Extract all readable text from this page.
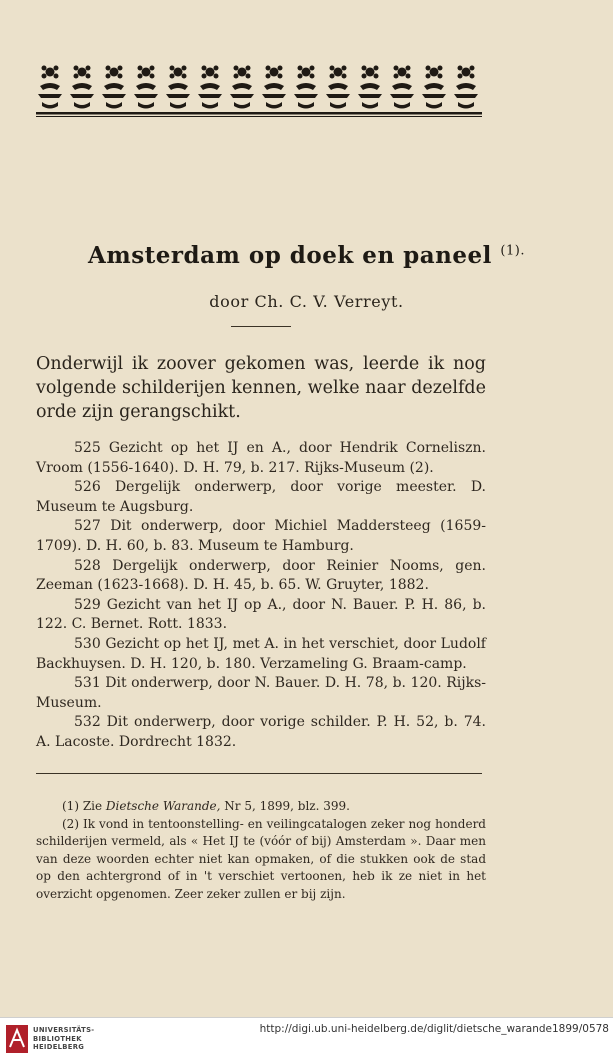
Amsterdam op doek en paneel $^{(1).}$
door Ch. C. V. Verreyt.
Onderwijl ik zoover gekomen was, leerde ik nog volgende schilderijen kennen, welke naar dezelfde orde zijn gerangschikt.
525 Gezicht op het IJ en A., door Hendrik Corneliszn. Vroom (1556-1640). D. H. 79, b. 217. Rijks-Museum (2).
526 Dergelijk onderwerp, door vorige meester. D. Museum te Augsburg.
527 Dit onderwerp, door Michiel Maddersteeg (1659-1709). D. H. 60, b. 83. Museum te Hamburg.
528 Dergelijk onderwerp, door Reinier Nooms, gen. Zeeman (1623-1668). D. H. 45, b. 65. W. Gruyter, 1882.
529 Gezicht van het IJ op A., door N. Bauer. P. H. 86, b. 122. C. Bernet. Rott. 1833.
530 Gezicht op het IJ, met A. in het verschiet, door Ludolf Backhuysen. D. H. 120, b. 180. Verzameling G. Braam-camp.
531 Dit onderwerp, door N. Bauer. D. H. 78, b. 120. Rijks-Museum.
532 Dit onderwerp, door vorige schilder. P. H. 52, b. 74. A. Lacoste. Dordrecht 1832.
(1) Zie Dietsche Warande, Nr 5, 1899, blz. 399.
(2) Ik vond in tentoonstelling- en veilingcatalogen zeker nog honderd schilderijen vermeld, als « Het IJ te (vóór of bij) Amsterdam ». Daar men van deze woorden echter niet kan opmaken, of die stukken ook de stad op den achtergrond of in 't verschiet vertoonen, heb ik ze niet in het overzicht opgenomen. Zeer zeker zullen er bij zijn.
UNIVERSITÄTS-
BIBLIOTHEK
HEIDELBERG
http://digi.ub.uni-heidelberg.de/diglit/dietsche_warande1899/0578
